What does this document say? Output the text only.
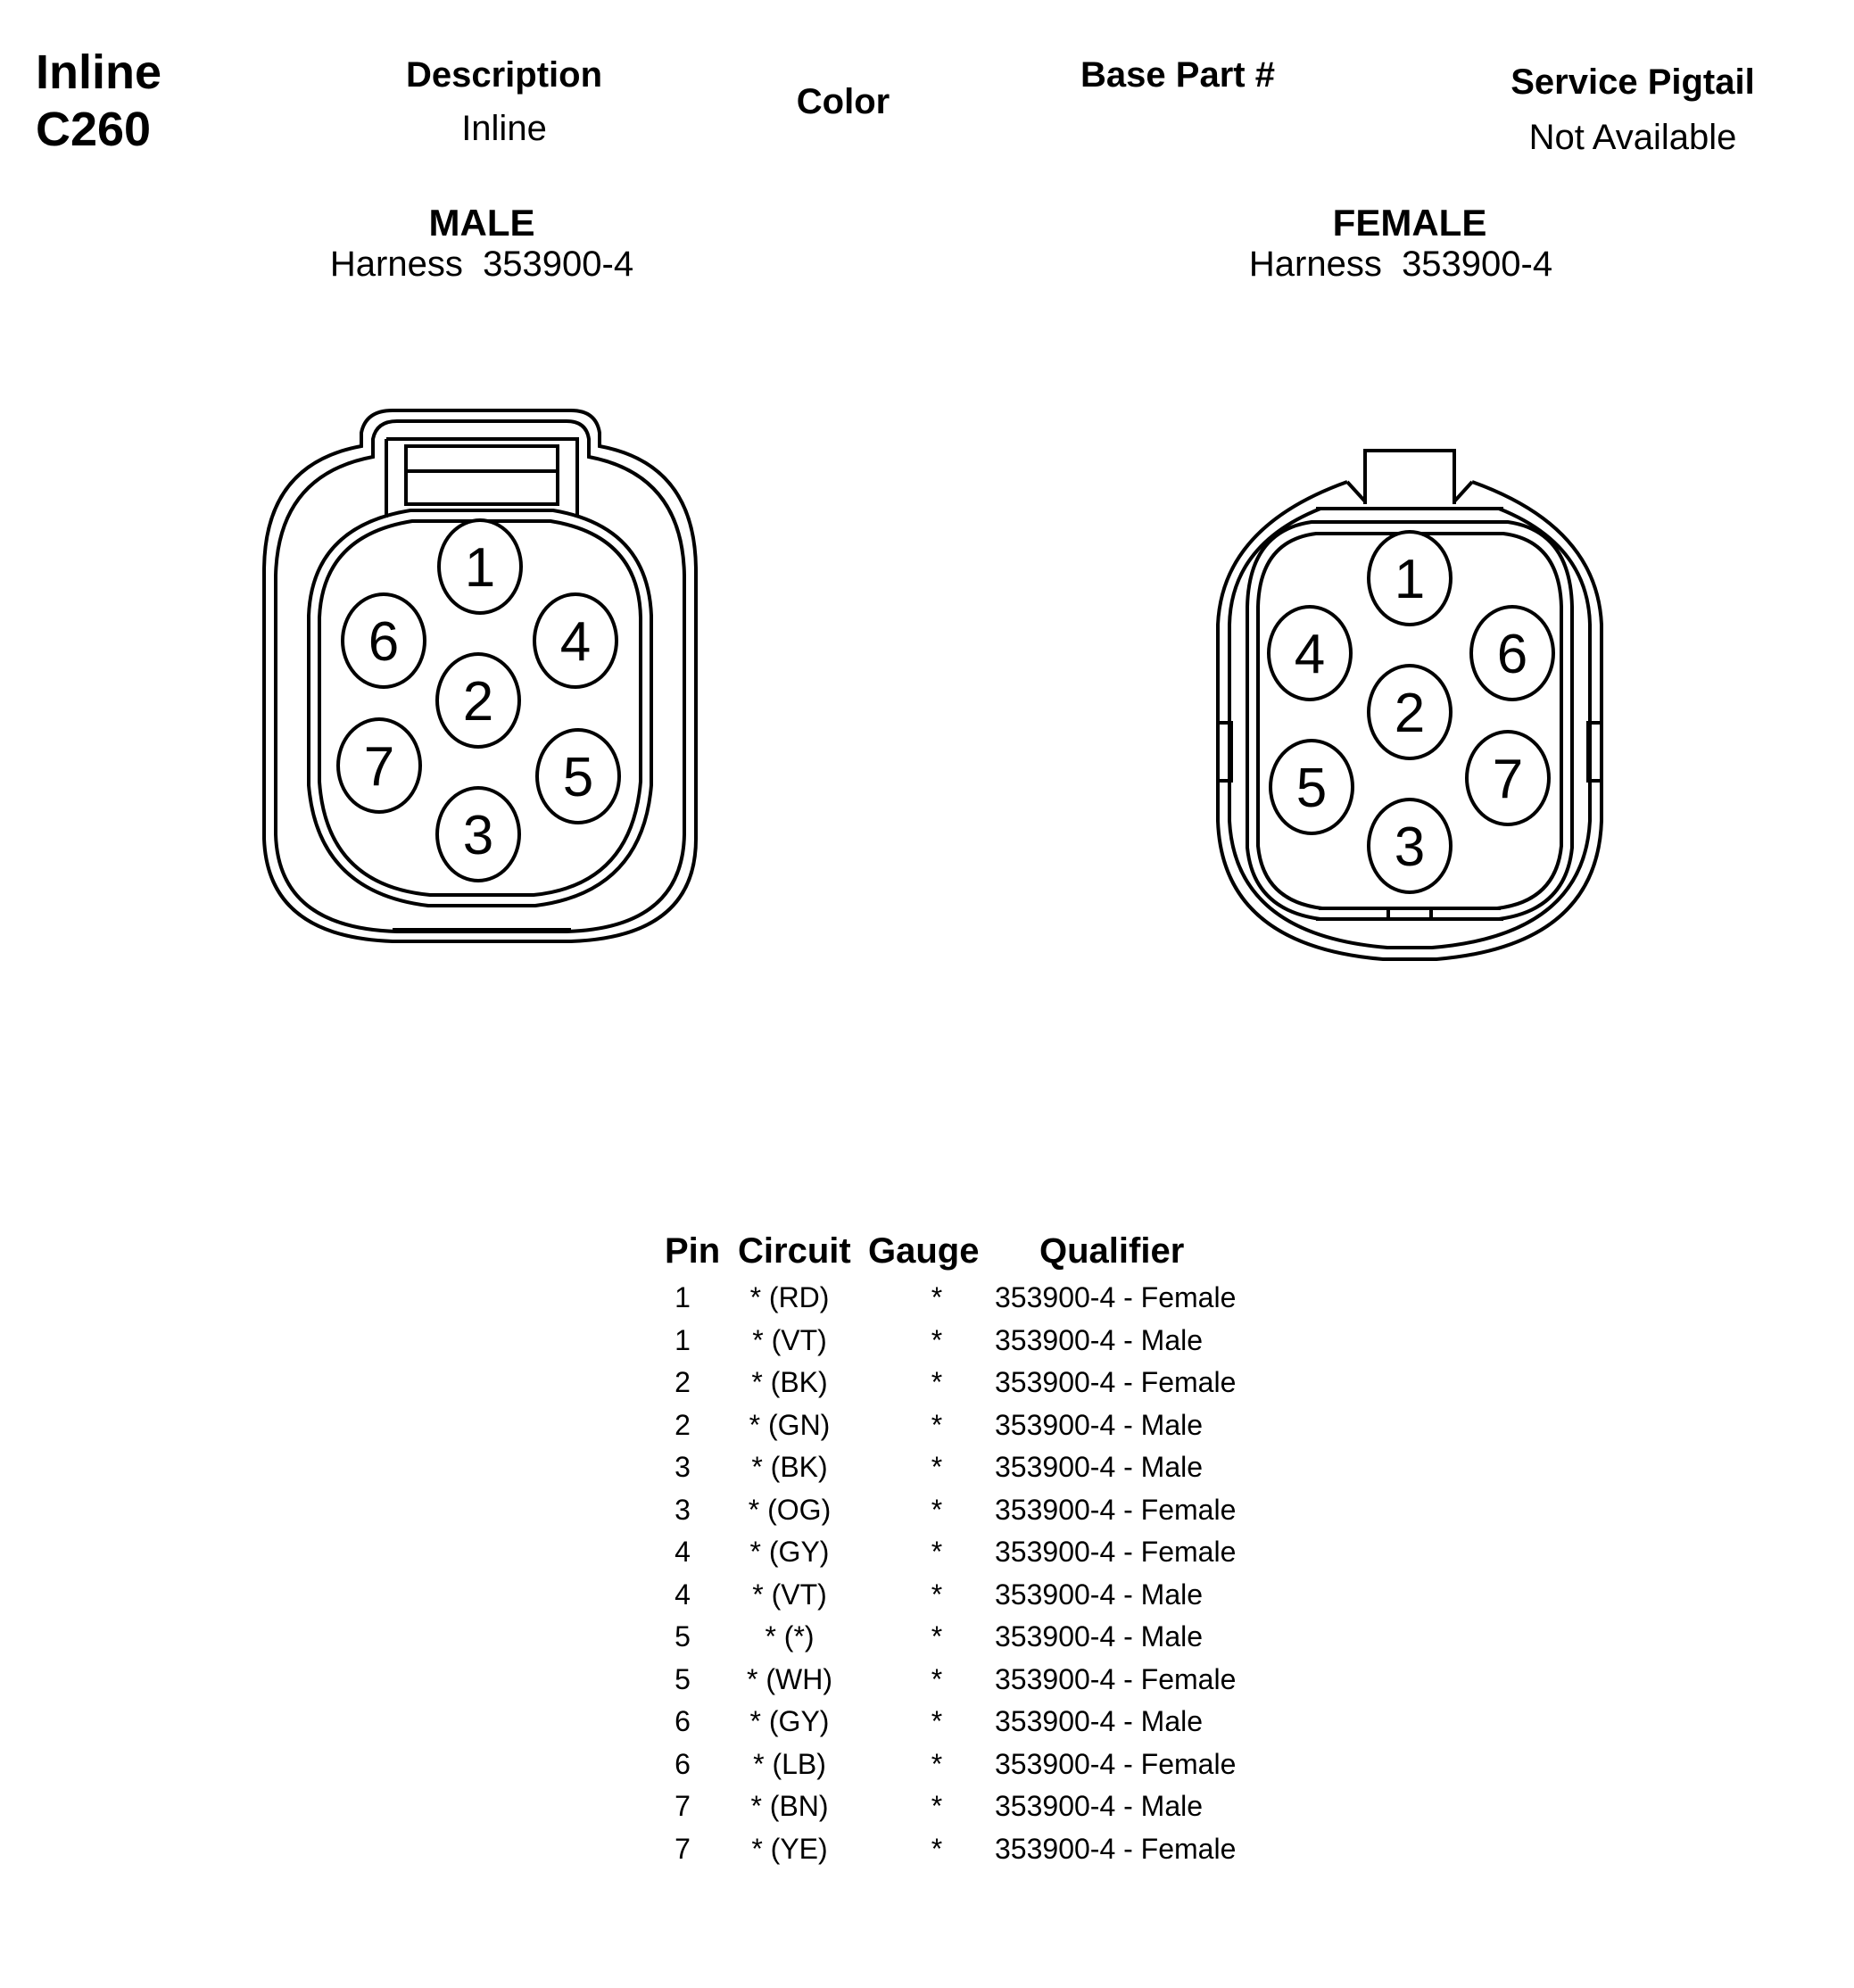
Inline
C260
Description
Inline
Color
Base Part #	Service Pigtail
Not Available
MALE
Harness 353900-4
FEMALE
Harness 353900-4
1
2
3
4
5
6
7
1
2
3
4
5
6
7
Pin Circuit Gauge Qualifier
1	* (RD)	* 353900-4 - Female
1	* (VT)	* 353900-4 - Male
2	* (BK)	* 353900-4 - Female
2	* (GN)	* 353900-4 - Male
3	* (BK)	* 353900-4 - Male
3	* (OG)	* 353900-4 - Female
4	* (GY)	* 353900-4 - Female
4	* (VT)	* 353900-4 - Male
5	* (*)	* 353900-4 - Male
5	* (WH)	* 353900-4 - Female
6	* (GY)	* 353900-4 - Male
6	* (LB)	* 353900-4 - Female
7	* (BN)	* 353900-4 - Male
7	* (YE)	* 353900-4 - Female
